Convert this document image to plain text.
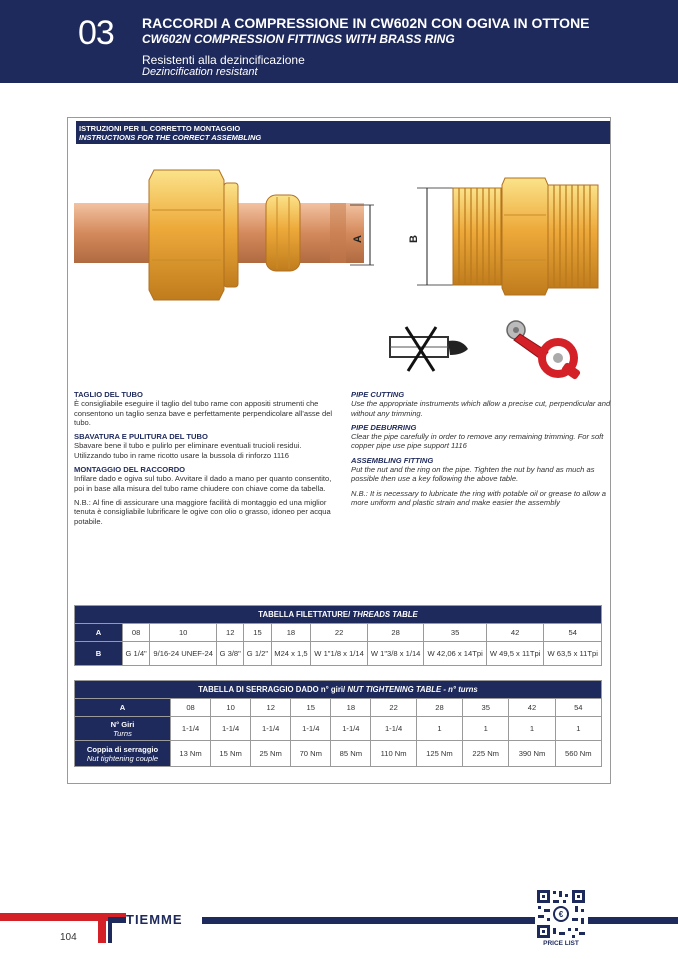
03 RACCORDI A COMPRESSIONE IN CW602N CON OGIVA IN OTTONE
CW602N COMPRESSION FITTINGS WITH BRASS RING
Resistenti alla dezincificazione
Dezincification resistant
ISTRUZIONI PER IL CORRETTO MONTAGGIO
INSTRUCTIONS FOR THE CORRECT ASSEMBLING
A	B

TAGLIO DEL TUBO
È consigliabile eseguire il taglio del tubo rame con appositi strumenti che consentono un taglio senza bave e perfettamente perpendicolare all'asse del tubo.

SBAVATURA E PULITURA DEL TUBO
Sbavare bene il tubo e pulirlo per eliminare eventuali trucioli residui. Utilizzando tubo in rame ricotto usare la bussola di rinforzo 1116

MONTAGGIO DEL RACCORDO
Infilare dado e ogiva sul tubo. Avvitare il dado a mano per quanto consentito, poi in base alla misura del tubo rame chiudere con chiave come da tabella.

N.B.: Al fine di assicurare una maggiore facilità di montaggio ed una miglior tenuta è consigliabile lubrificare le ogive con olio o grasso, idoneo per acqua potabile.

PIPE CUTTING
Use the appropriate instruments which allow a precise cut, perpendicular and without any trimming.

PIPE DEBURRING
Clear the pipe carefully in order to remove any remaining trimming. For soft copper pipe use pipe support 1116

ASSEMBLING FITTING
Put the nut and the ring on the pipe. Tighten the nut by hand as much as possible then use a key following the above table.

N.B.: It is necessary to lubricate the ring with potable oil or grease to allow a more uniform and plastic strain and make easier the assembly

TABELLA FILETTATURE/ THREADS TABLE										
A	08	10	12	15	18	22	28	35	42	54
B	G 1/4"	9/16-24 UNEF-24	G 3/8"	G 1/2"	M24 x 1,5	W 1"1/8 x 1/14	W 1"3/8 x 1/14	W 42,06 x 14Tpi	W 49,5 x 11Tpi	W 63,5 x 11Tpi
TABELLA DI SERRAGGIO DADO n° giri/ NUT TIGHTENING TABLE - n° turns										
A	08	10	12	15	18	22	28	35	42	54
N° Giri
Turns	1-1/4	1-1/4	1-1/4	1-1/4	1-1/4	1-1/4	1	1	1	1
Coppia di serraggio
Nut tightening couple	13 Nm	15 Nm	25 Nm	70 Nm	85 Nm	110 Nm	125 Nm	225 Nm	390 Nm	560 Nm
TIEMME
104
€
PRICE LIST
